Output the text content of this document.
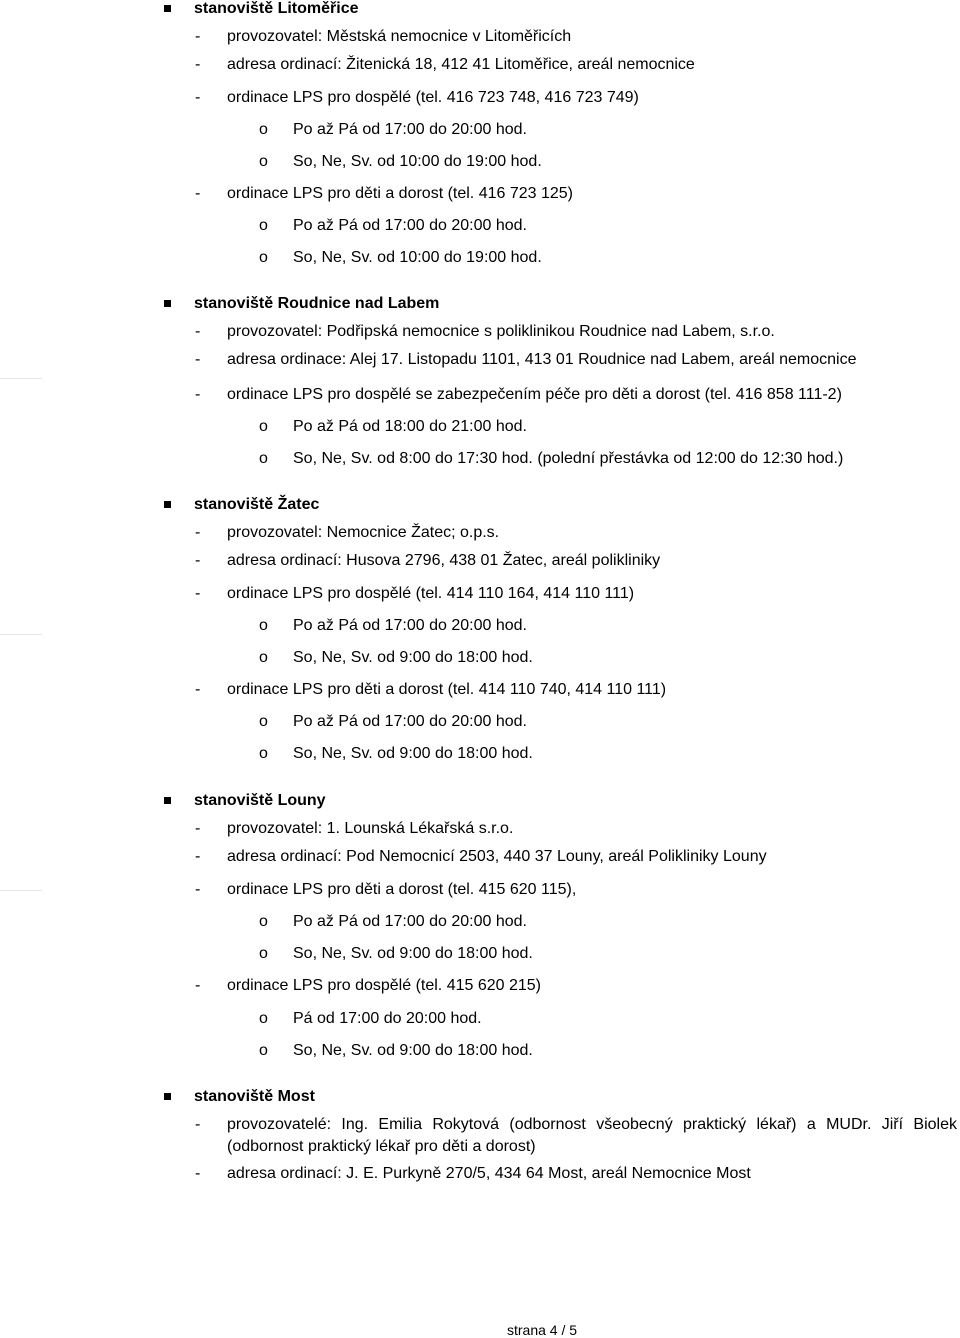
stanoviště Litoměřice
- provozovatel: Městská nemocnice v Litoměřicích
- adresa ordinací: Žitenická 18, 412 41 Litoměřice, areál nemocnice
- ordinace LPS pro dospělé (tel. 416 723 748, 416 723 749)
o Po až Pá od 17:00 do 20:00 hod.
o So, Ne, Sv. od 10:00 do 19:00 hod.
- ordinace LPS pro děti a dorost (tel. 416 723 125)
o Po až Pá od 17:00 do 20:00 hod.
o So, Ne, Sv. od 10:00 do 19:00 hod.
stanoviště Roudnice nad Labem
- provozovatel: Podřipská nemocnice s poliklinikou Roudnice nad Labem, s.r.o.
- adresa ordinace: Alej 17. Listopadu 1101, 413 01 Roudnice nad Labem, areál nemocnice
- ordinace LPS pro dospělé se zabezpečením péče pro děti a dorost (tel. 416 858 111-2)
o Po až Pá od 18:00 do 21:00 hod.
o So, Ne, Sv. od 8:00 do 17:30 hod. (polední přestávka od 12:00 do 12:30 hod.)
stanoviště Žatec
- provozovatel: Nemocnice Žatec; o.p.s.
- adresa ordinací: Husova 2796, 438 01 Žatec, areál polikliniky
- ordinace LPS pro dospělé (tel. 414 110 164, 414 110 111)
o Po až Pá od 17:00 do 20:00 hod.
o So, Ne, Sv. od 9:00 do 18:00 hod.
- ordinace LPS pro děti a dorost (tel. 414 110 740, 414 110 111)
o Po až Pá od 17:00 do 20:00 hod.
o So, Ne, Sv. od 9:00 do 18:00 hod.
stanoviště Louny
- provozovatel: 1. Lounská Lékařská s.r.o.
- adresa ordinací: Pod Nemocnicí 2503, 440 37 Louny, areál Polikliniky Louny
- ordinace LPS pro děti a dorost (tel. 415 620 115),
o Po až Pá od 17:00 do 20:00 hod.
o So, Ne, Sv. od 9:00 do 18:00 hod.
- ordinace LPS pro dospělé (tel. 415 620 215)
o Pá od 17:00 do 20:00 hod.
o So, Ne, Sv. od 9:00 do 18:00 hod.
stanoviště Most
- provozovatelé: Ing. Emilia Rokytová (odbornost všeobecný praktický lékař) a MUDr. Jiří Biolek (odbornost praktický lékař pro děti a dorost)
- adresa ordinací: J. E. Purkyně 270/5, 434 64 Most, areál Nemocnice Most
strana 4 / 5
